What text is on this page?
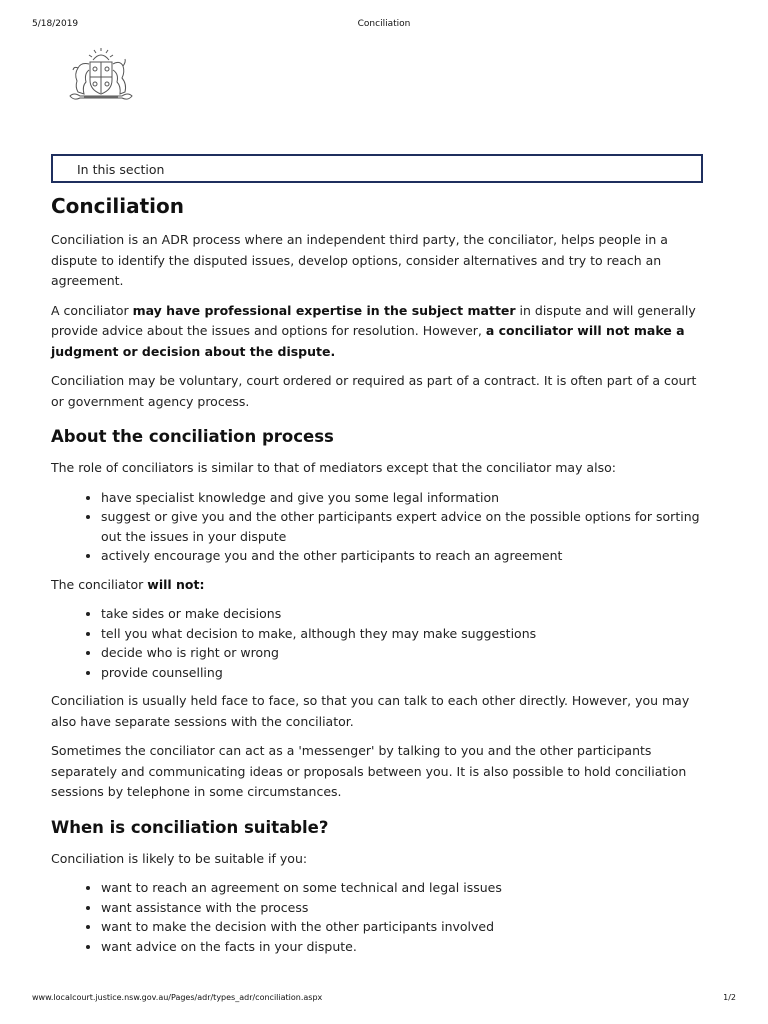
5/18/2019	Conciliation
In this section
Conciliation

Conciliation is an ADR process where an independent third party, the conciliator, helps people in a dispute to identify the disputed issues, develop options, consider alternatives and try to reach an agreement.

A conciliator may have professional expertise in the subject matter in dispute and will generally provide advice about the issues and options for resolution. However, a conciliator will not make a judgment or decision about the dispute.

Conciliation may be voluntary, court ordered or required as part of a contract. It is often part of a court or government agency process.

About the conciliation process

The role of conciliators is similar to that of mediators except that the conciliator may also:

• have specialist knowledge and give you some legal information
• suggest or give you and the other participants expert advice on the possible options for sorting out the issues in your dispute
• actively encourage you and the other participants to reach an agreement

The conciliator will not:

• take sides or make decisions
• tell you what decision to make, although they may make suggestions
• decide who is right or wrong
• provide counselling

Conciliation is usually held face to face, so that you can talk to each other directly. However, you may also have separate sessions with the conciliator.

Sometimes the conciliator can act as a 'messenger' by talking to you and the other participants separately and communicating ideas or proposals between you. It is also possible to hold conciliation sessions by telephone in some circumstances.

When is conciliation suitable?

Conciliation is likely to be suitable if you:

• want to reach an agreement on some technical and legal issues
• want assistance with the process
• want to make the decision with the other participants involved
• want advice on the facts in your dispute.
www.localcourt.justice.nsw.gov.au/Pages/adr/types_adr/conciliation.aspx	1/2
